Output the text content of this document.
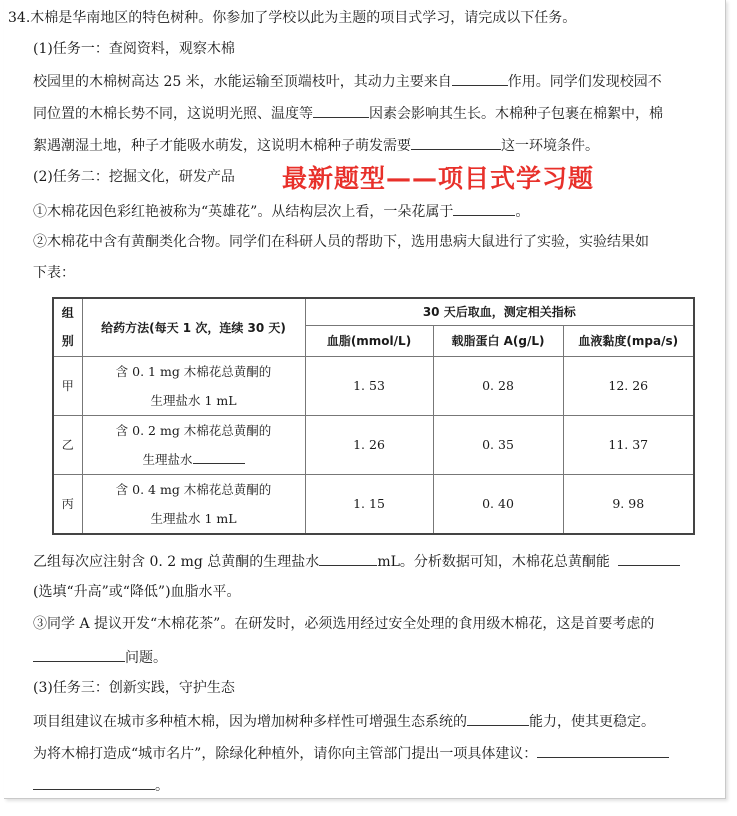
34.木棉是华南地区的特色树种。你参加了学校以此为主题的项目式学习，请完成以下任务。
(1)任务一：查阅资料，观察木棉
校园里的木棉树高达 25 米，水能运输至顶端枝叶，其动力主要来自	作用。同学们发现校园不
同位置的木棉长势不同，这说明光照、温度等	因素会影响其生长。木棉种子包裹在棉絮中，棉
絮遇潮湿土地，种子才能吸水萌发，这说明木棉种子萌发需要	这一环境条件。
(2)任务二：挖掘文化，研发产品 最新题型——项目式学习题
①木棉花因色彩红艳被称为“英雄花”。从结构层次上看，一朵花属于	。
②木棉花中含有黄酮类化合物。同学们在科研人员的帮助下，选用患病大鼠进行了实验，实验结果如
下表：
组
别	给药方法(每天 1 次，连续 30 天)	30 天后取血，测定相关指标		
		血脂(mmol/L)	载脂蛋白 A(g/L)	血液黏度(mpa/s)
甲	含 0. 1 mg 木棉花总黄酮的
生理盐水 1 mL	1. 53	0. 28	12. 26
乙	含 0. 2 mg 木棉花总黄酮的
生理盐水	1. 26	0. 35	11. 37
丙	含 0. 4 mg 木棉花总黄酮的
生理盐水 1 mL	1. 15	0. 40	9. 98
乙组每次应注射含 0. 2 mg 总黄酮的生理盐水	mL。分析数据可知，木棉花总黄酮能
(选填“升高”或“降低”)血脂水平。
③同学 A 提议开发“木棉花茶”。在研发时，必须选用经过安全处理的食用级木棉花，这是首要考虑的
问题。
(3)任务三：创新实践，守护生态
项目组建议在城市多种植木棉，因为增加树种多样性可增强生态系统的	能力，使其更稳定。
为将木棉打造成“城市名片”，除绿化种植外，请你向主管部门提出一项具体建议：
。
